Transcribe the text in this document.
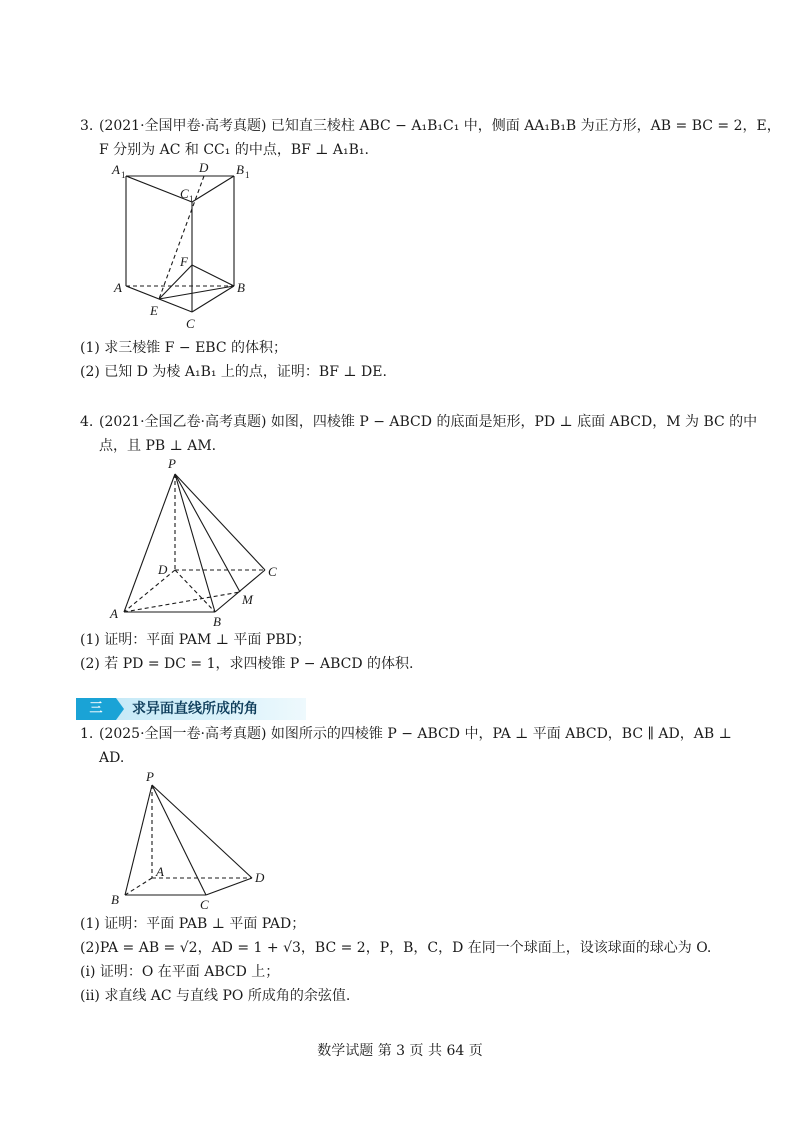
3. (2021·全国甲卷·高考真题) 已知直三棱柱 ABC − A₁B₁C₁ 中，侧面 AA₁B₁B 为正方形，AB = BC = 2，E，
F 分别为 AC 和 CC₁ 的中点，BF ⊥ A₁B₁.
A 1	D B 1
C 1
F
A	B
E
C
(1) 求三棱锥 F − EBC 的体积；
(2) 已知 D 为棱 A₁B₁ 上的点，证明：BF ⊥ DE.
4. (2021·全国乙卷·高考真题) 如图，四棱锥 P − ABCD 的底面是矩形，PD ⊥ 底面 ABCD，M 为 BC 的中
点，且 PB ⊥ AM.
P
D	C
M
A
B
(1) 证明：平面 PAM ⊥ 平面 PBD；
(2) 若 PD = DC = 1，求四棱锥 P − ABCD 的体积.
三	求异面直线所成的角
1. (2025·全国一卷·高考真题) 如图所示的四棱锥 P − ABCD 中，PA ⊥ 平面 ABCD，BC ∥ AD，AB ⊥
AD.
P
A
B	C
D
(1) 证明：平面 PAB ⊥ 平面 PAD；
(2)PA = AB = √2，AD = 1 + √3，BC = 2，P，B，C，D 在同一个球面上，设该球面的球心为 O.
(i) 证明：O 在平面 ABCD 上；
(ii) 求直线 AC 与直线 PO 所成角的余弦值.
数学试题 第 3 页 共 64 页
